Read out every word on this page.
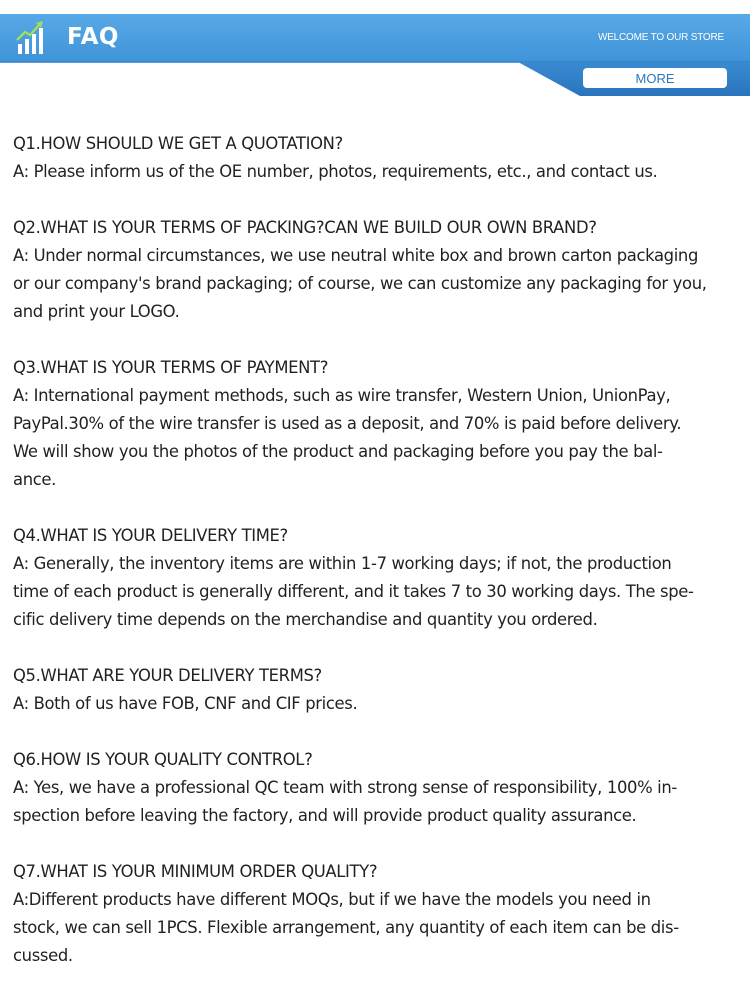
FAQ	WELCOME TO OUR STORE
MORE

Q1.HOW SHOULD WE GET A QUOTATION?

A: Please inform us of the OE number, photos, requirements, etc., and contact us.

Q2.WHAT IS YOUR TERMS OF PACKING?CAN WE BUILD OUR OWN BRAND?

A: Under normal circumstances, we use neutral white box and brown carton packaging

or our company's brand packaging; of course, we can customize any packaging for you,

and print your LOGO.

Q3.WHAT IS YOUR TERMS OF PAYMENT?

A: International payment methods, such as wire transfer, Western Union, UnionPay,

PayPal.30% of the wire transfer is used as a deposit, and 70% is paid before delivery.

We will show you the photos of the product and packaging before you pay the bal-

ance.

Q4.WHAT IS YOUR DELIVERY TIME?

A: Generally, the inventory items are within 1-7 working days; if not, the production

time of each product is generally different, and it takes 7 to 30 working days. The spe-

cific delivery time depends on the merchandise and quantity you ordered.

Q5.WHAT ARE YOUR DELIVERY TERMS?

A: Both of us have FOB, CNF and CIF prices.

Q6.HOW IS YOUR QUALITY CONTROL?

A: Yes, we have a professional QC team with strong sense of responsibility, 100% in-

spection before leaving the factory, and will provide product quality assurance.

Q7.WHAT IS YOUR MINIMUM ORDER QUALITY?

A:Different products have different MOQs, but if we have the models you need in

stock, we can sell 1PCS. Flexible arrangement, any quantity of each item can be dis-

cussed.
